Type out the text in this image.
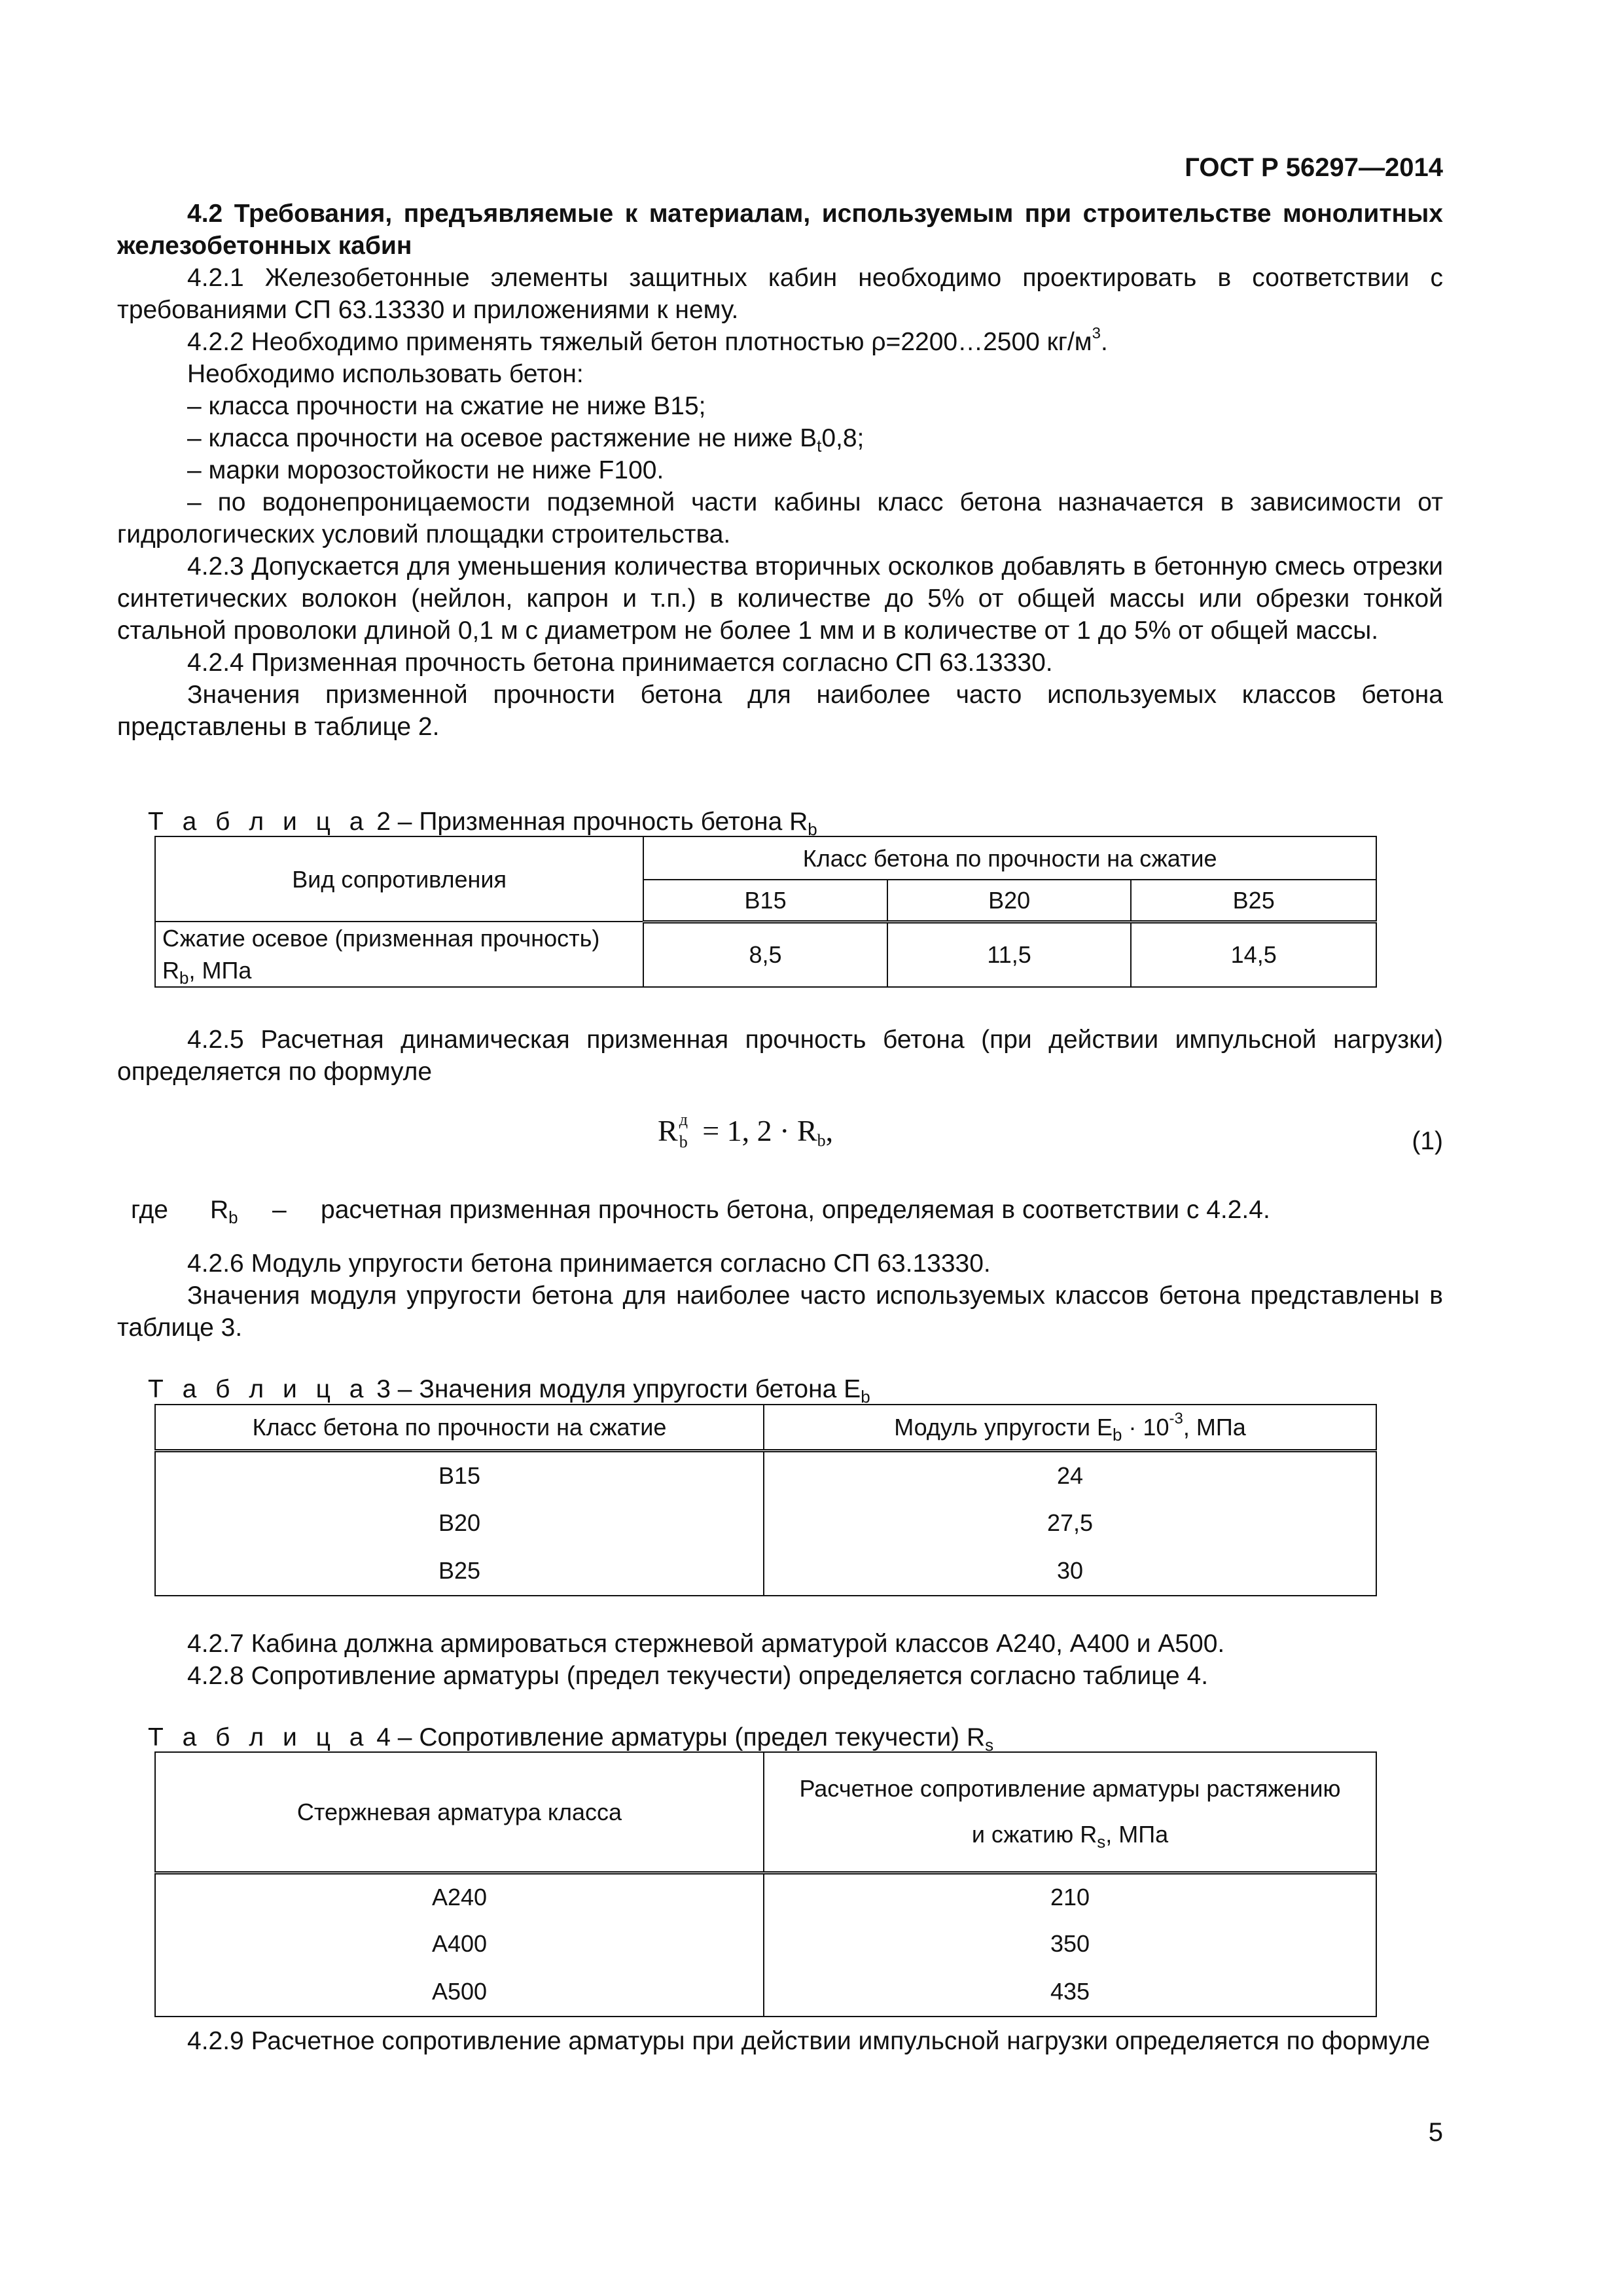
ГОСТ Р 56297—2014

4.2 Требования, предъявляемые к материалам, используемым при строительстве монолитных железобетонных кабин

4.2.1 Железобетонные элементы защитных кабин необходимо проектировать в соответствии с требованиями СП 63.13330 и приложениями к нему.

4.2.2 Необходимо применять тяжелый бетон плотностью ρ=2200…2500 $кг/м^3$.

Необходимо использовать бетон:

– класса прочности на сжатие не ниже В15;

– класса прочности на осевое растяжение не ниже $В_t0,8$;

– марки морозостойкости не ниже F100.

– по водонепроницаемости подземной части кабины класс бетона назначается в зависимости от гидрологических условий площадки строительства.

4.2.3 Допускается для уменьшения количества вторичных осколков добавлять в бетонную смесь отрезки синтетических волокон (нейлон, капрон и т.п.) в количестве до 5% от общей массы или обрезки тонкой стальной проволоки длиной 0,1 м с диаметром не более 1 мм и в количестве от 1 до 5% от общей массы.

4.2.4 Призменная прочность бетона принимается согласно СП 63.13330.

Значения призменной прочности бетона для наиболее часто используемых классов бетона представлены в таблице 2.

Т а б л и ц а 2 – Призменная прочность бетона $R_b$
Вид сопротивления	Класс бетона по прочности на сжатие		
	В15	В20	В25
Сжатие осевое (призменная прочность) $R_b$, МПа	8,5	11,5	14,5

4.2.5 Расчетная динамическая призменная прочность бетона (при действии импульсной нагрузки) определяется по формуле

R д
b = 1, $2 \cdot R_b$,	(1)
где $R_b$ – расчетная призменная прочность бетона, определяемая в соответствии с 4.2.4.

4.2.6 Модуль упругости бетона принимается согласно СП 63.13330.

Значения модуля упругости бетона для наиболее часто используемых классов бетона представлены в таблице 3.

Т а б л и ц а 3 – Значения модуля упругости бетона $Е_b$
Класс бетона по прочности на сжатие	Модуль упругости $Е_b \cdot 10^{-3}$, МПа
В15	24
В20	27,5
В25	30

4.2.7 Кабина должна армироваться стержневой арматурой классов А240, А400 и А500.

4.2.8 Сопротивление арматуры (предел текучести) определяется согласно таблице 4.

Т а б л и ц а 4 – Сопротивление арматуры (предел текучести) $R_s$
Стержневая арматура класса	Расчетное сопротивление арматуры растяжению
и сжатию $R_s$, МПа
А240	210
А400	350
А500	435

4.2.9 Расчетное сопротивление арматуры при действии импульсной нагрузки определяется по формуле

5
